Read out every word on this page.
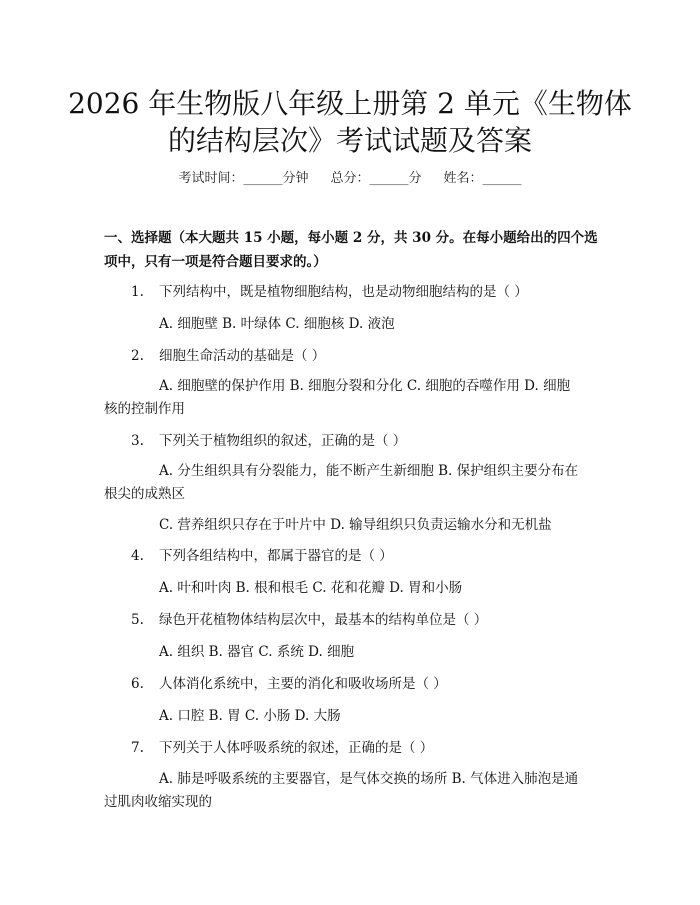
2026 年生物版八年级上册第 2 单元《生物体
的结构层次》考试试题及答案
考试时间：______分钟 总分：______分 姓名：______
一、选择题（本大题共 15 小题，每小题 2 分，共 30 分。在每小题给出的四个选
项中，只有一项是符合题目要求的。）
1. 下列结构中，既是植物细胞结构，也是动物细胞结构的是（ ）
A. 细胞壁 B. 叶绿体 C. 细胞核 D. 液泡
2. 细胞生命活动的基础是（ ）
A. 细胞壁的保护作用 B. 细胞分裂和分化 C. 细胞的吞噬作用 D. 细胞
核的控制作用
3. 下列关于植物组织的叙述，正确的是（ ）
A. 分生组织具有分裂能力，能不断产生新细胞 B. 保护组织主要分布在
根尖的成熟区
C. 营养组织只存在于叶片中 D. 输导组织只负责运输水分和无机盐
4. 下列各组结构中，都属于器官的是（ ）
A. 叶和叶肉 B. 根和根毛 C. 花和花瓣 D. 胃和小肠
5. 绿色开花植物体结构层次中，最基本的结构单位是（ ）
A. 组织 B. 器官 C. 系统 D. 细胞
6. 人体消化系统中，主要的消化和吸收场所是（ ）
A. 口腔 B. 胃 C. 小肠 D. 大肠
7. 下列关于人体呼吸系统的叙述，正确的是（ ）
A. 肺是呼吸系统的主要器官，是气体交换的场所 B. 气体进入肺泡是通
过肌肉收缩实现的
